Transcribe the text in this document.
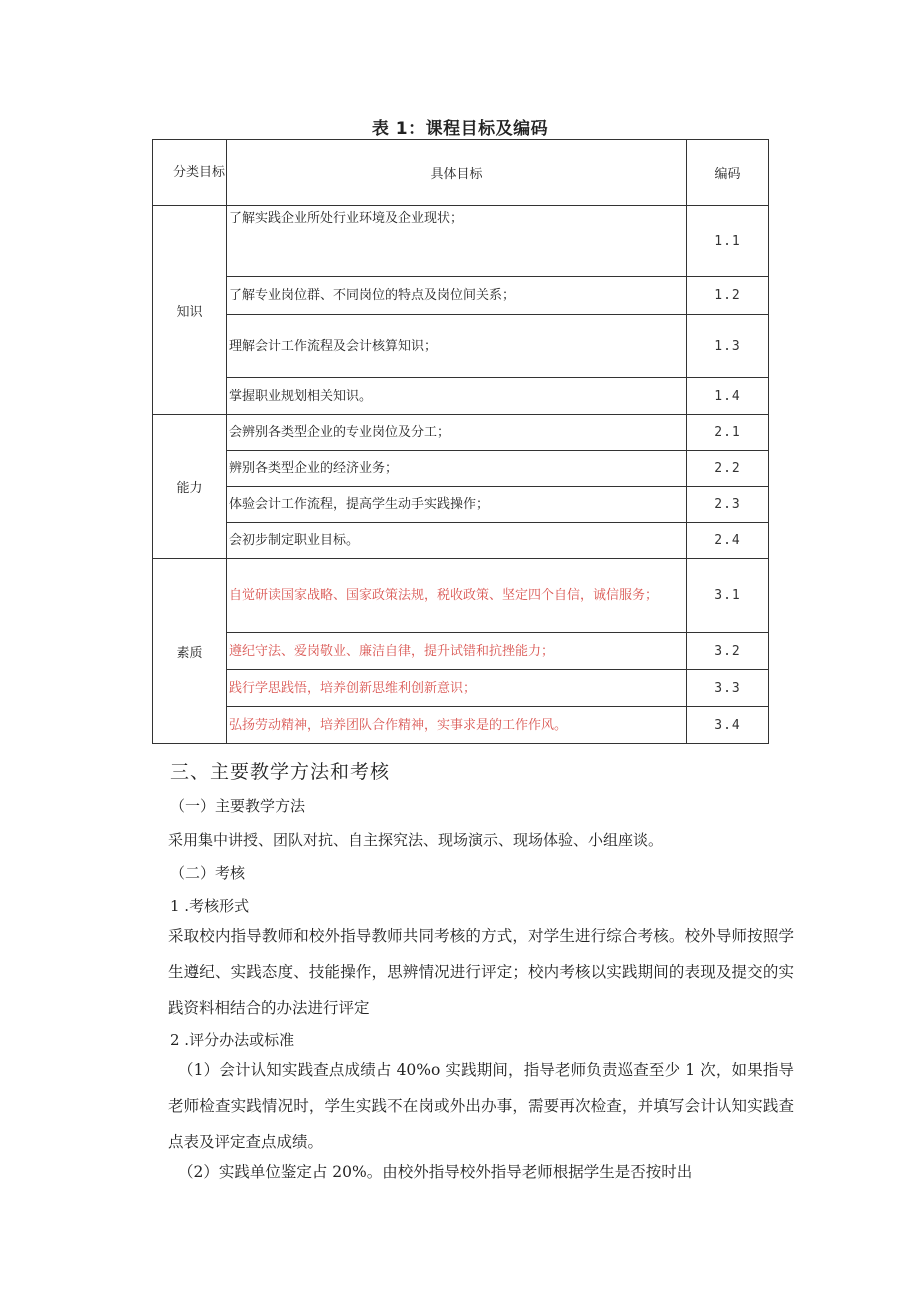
表 1：课程目标及编码
分类目标	具体目标	编码
知识	了解实践企业所处行业环境及企业现状；	1.1
	了解专业岗位群、不同岗位的特点及岗位间关系；	1.2
	理解会计工作流程及会计核算知识；	1.3
	掌握职业规划相关知识。	1.4
能力	会辨别各类型企业的专业岗位及分工；	2.1
	辨别各类型企业的经济业务；	2.2
	体验会计工作流程，提高学生动手实践操作；	2.3
	会初步制定职业目标。	2.4
素质	自觉研读国家战略、国家政策法规，税收政策、坚定四个自信，诚信服务；	3.1
	遵纪守法、爱岗敬业、廉洁自律，提升试错和抗挫能力；	3.2
	践行学思践悟，培养创新思维利创新意识；	3.3
	弘扬劳动精神，培养团队合作精神，实事求是的工作作风。	3.4
三、主要教学方法和考核
（一）主要教学方法
采用集中讲授、团队对抗、自主探究法、现场演示、现场体验、小组座谈。
（二）考核
1 .考核形式
采取校内指导教师和校外指导教师共同考核的方式，对学生进行综合考核。校外导师按照学生遵纪、实践态度、技能操作，思辨情况进行评定；校内考核以实践期间的表现及提交的实践资料相结合的办法进行评定
2 .评分办法或标准
（1）会计认知实践查点成绩占 40%o 实践期间，指导老师负责巡查至少 1 次，如果指导老师检查实践情况时，学生实践不在岗或外出办事，需要再次检查，并填写会计认知实践查点表及评定查点成绩。
（2）实践单位鉴定占 20%。由校外指导校外指导老师根据学生是否按时出
